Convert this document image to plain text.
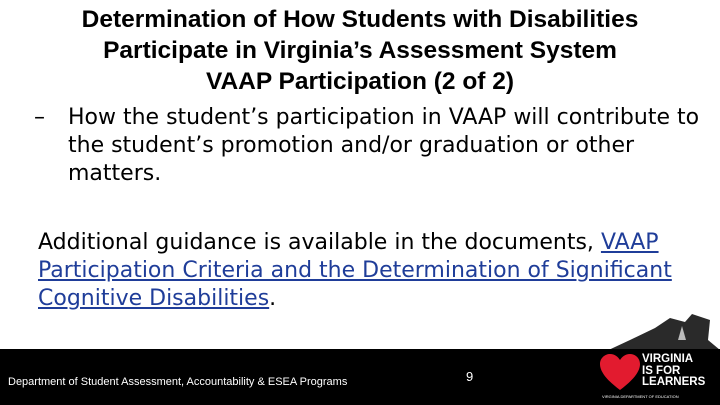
Determination of How Students with Disabilities
Participate in Virginia’s Assessment System
VAAP Participation (2 of 2)
– How the student’s participation in VAAP will contribute to the student’s promotion and/or graduation or other matters.
Additional guidance is available in the documents, VAAP Participation Criteria and the Determination of Significant Cognitive Disabilities.
Department of Student Assessment, Accountability & ESEA Programs	9
VIRGINIA
IS FOR
LEARNERS
VIRGINIA DEPARTMENT OF EDUCATION
